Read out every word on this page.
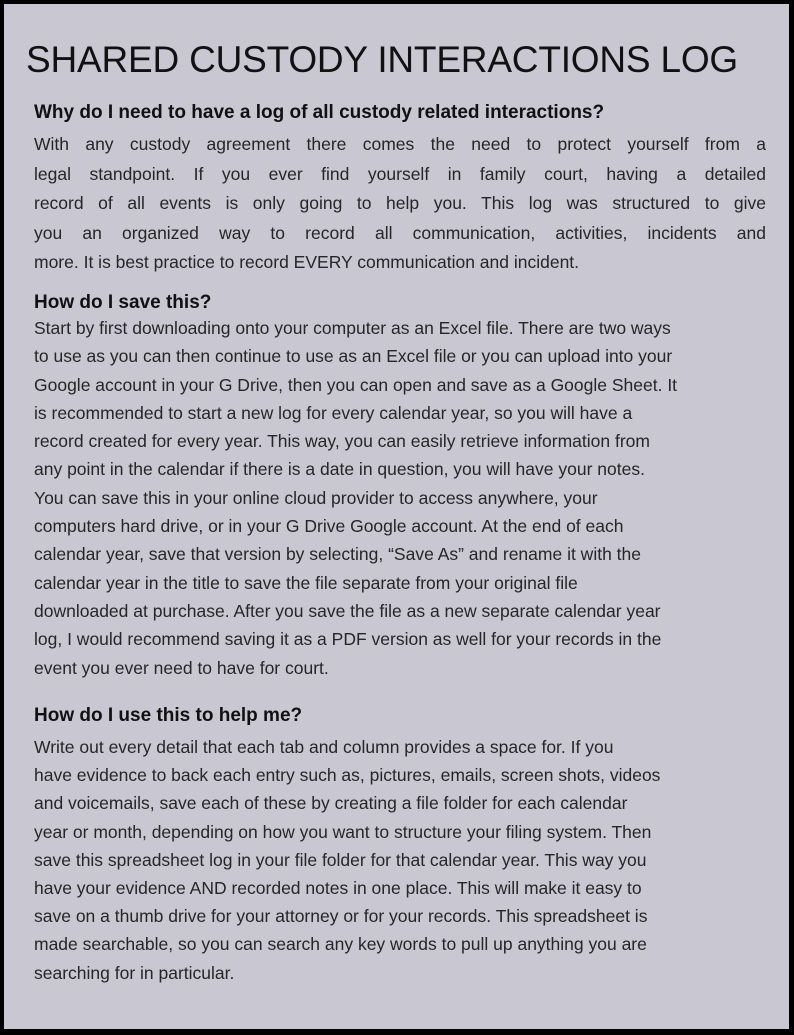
SHARED CUSTODY INTERACTIONS LOG
Why do I need to have a log of all custody related interactions?
With any custody agreement there comes the need to protect yourself from a
legal standpoint. If you ever find yourself in family court, having a detailed
record of all events is only going to help you. This log was structured to give
you an organized way to record all communication, activities, incidents and
more. It is best practice to record EVERY communication and incident.
How do I save this?
Start by first downloading onto your computer as an Excel file. There are two ways
to use as you can then continue to use as an Excel file or you can upload into your
Google account in your G Drive, then you can open and save as a Google Sheet. It
is recommended to start a new log for every calendar year, so you will have a
record created for every year. This way, you can easily retrieve information from
any point in the calendar if there is a date in question, you will have your notes.
You can save this in your online cloud provider to access anywhere, your
computers hard drive, or in your G Drive Google account. At the end of each
calendar year, save that version by selecting, “Save As” and rename it with the
calendar year in the title to save the file separate from your original file
downloaded at purchase. After you save the file as a new separate calendar year
log, I would recommend saving it as a PDF version as well for your records in the
event you ever need to have for court.
How do I use this to help me?
Write out every detail that each tab and column provides a space for. If you
have evidence to back each entry such as, pictures, emails, screen shots, videos
and voicemails, save each of these by creating a file folder for each calendar
year or month, depending on how you want to structure your filing system. Then
save this spreadsheet log in your file folder for that calendar year. This way you
have your evidence AND recorded notes in one place. This will make it easy to
save on a thumb drive for your attorney or for your records. This spreadsheet is
made searchable, so you can search any key words to pull up anything you are
searching for in particular.
